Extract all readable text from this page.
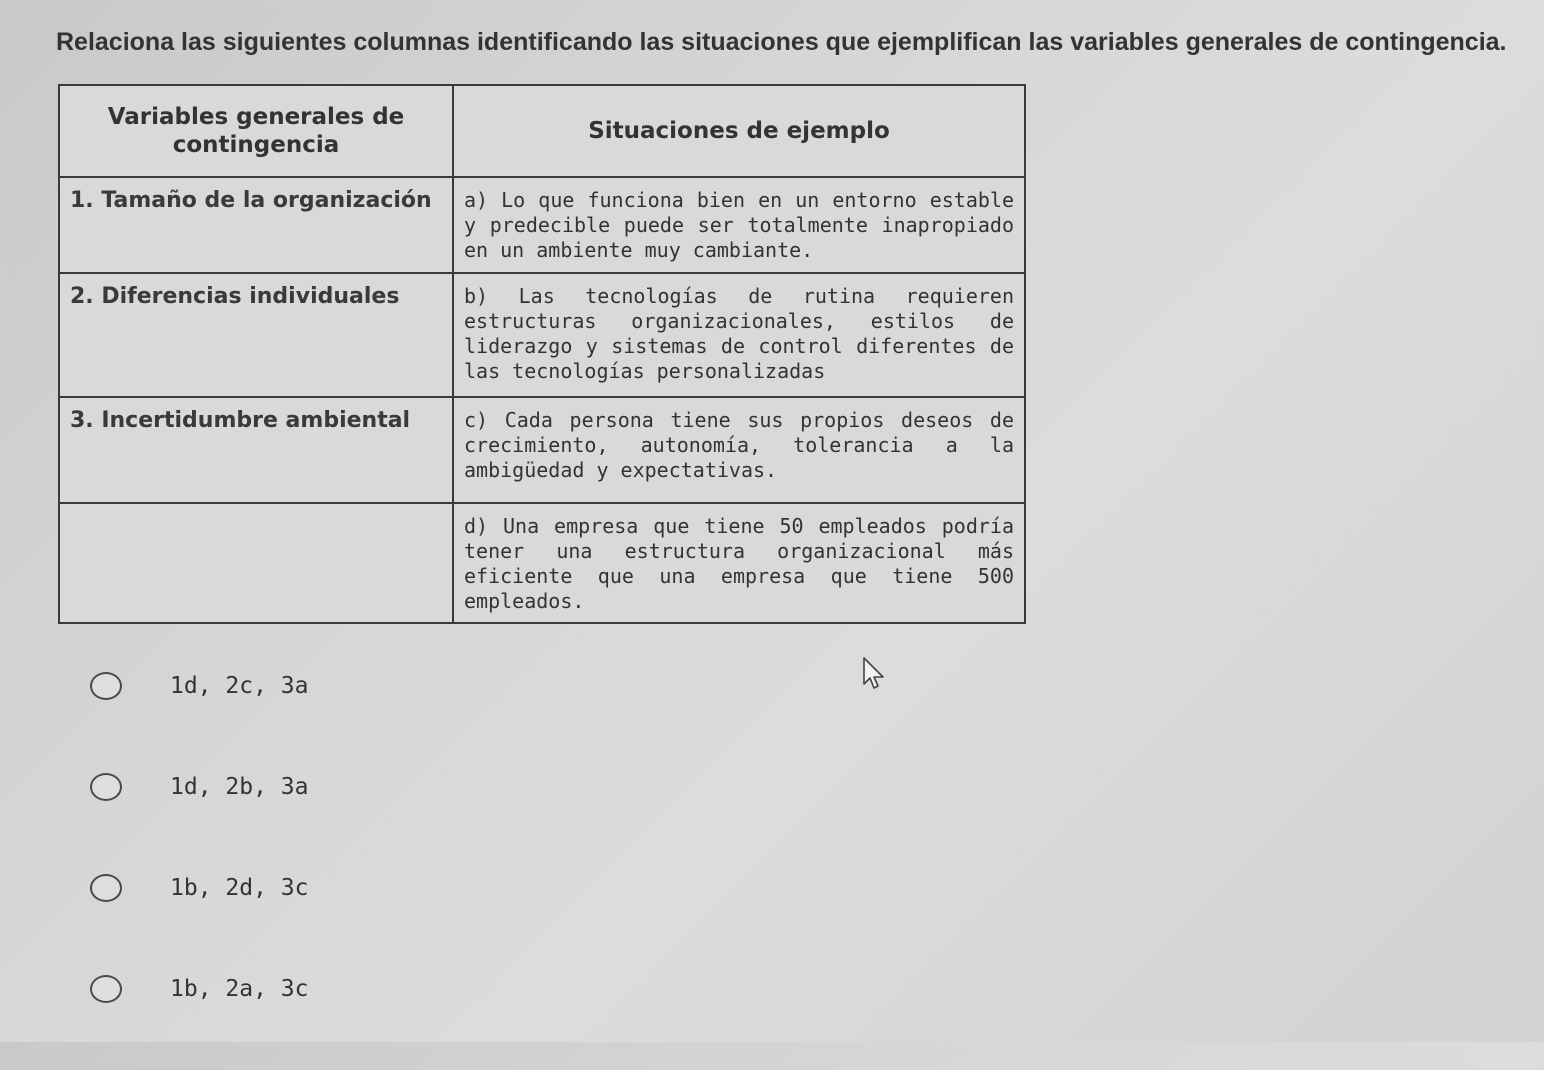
Relaciona las siguientes columnas identificando las situaciones que ejemplifican las variables generales de contingencia.
Variables generales de contingencia	Situaciones de ejemplo
1. Tamaño de la organización	a) Lo que funciona bien en un entorno estable y predecible puede ser totalmente inapropiado en un ambiente muy cambiante.
2. Diferencias individuales	b) Las tecnologías de rutina requieren estructuras organizacionales, estilos de liderazgo y sistemas de control diferentes de las tecnologías personalizadas
3. Incertidumbre ambiental	c) Cada persona tiene sus propios deseos de crecimiento, autonomía, tolerancia a la ambigüedad y expectativas.
	d) Una empresa que tiene 50 empleados podría tener una estructura organizacional más eficiente que una empresa que tiene 500 empleados.
1d, 2c, 3a
1d, 2b, 3a
1b, 2d, 3c
1b, 2a, 3c
